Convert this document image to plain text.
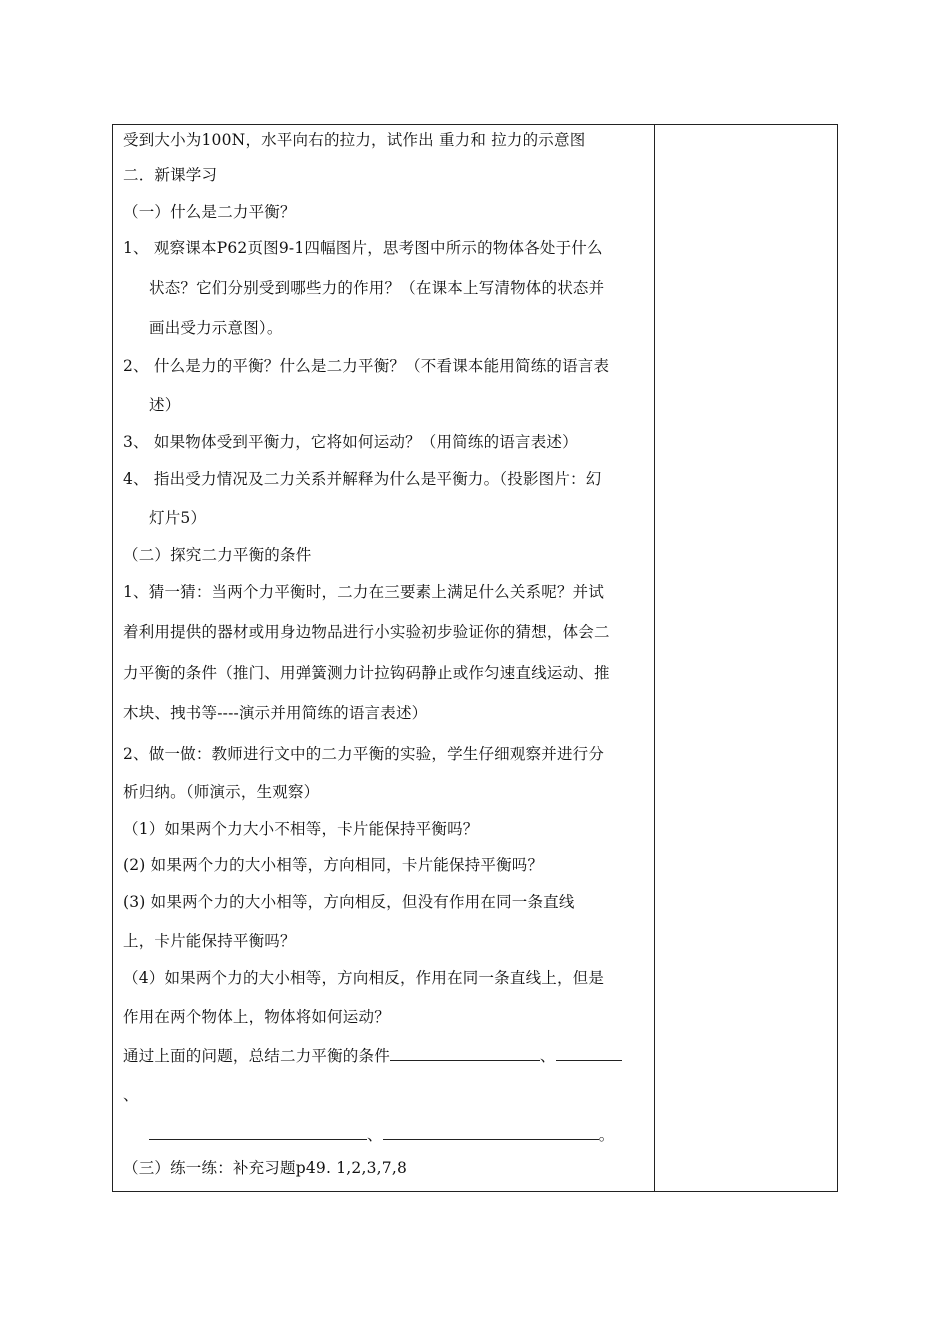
受到大小为100N，水平向右的拉力，试作出 重力和 拉力的示意图
二．新课学习
（一）什么是二力平衡？
1、 观察课本P62页图9-1四幅图片，思考图中所示的物体各处于什么
状态？它们分别受到哪些力的作用？（在课本上写清物体的状态并
画出受力示意图）。
2、 什么是力的平衡？什么是二力平衡？（不看课本能用简练的语言表
述）
3、 如果物体受到平衡力，它将如何运动？（用简练的语言表述）
4、 指出受力情况及二力关系并解释为什么是平衡力。（投影图片：幻
灯片5）
（二）探究二力平衡的条件
1、猜一猜：当两个力平衡时，二力在三要素上满足什么关系呢？并试
着利用提供的器材或用身边物品进行小实验初步验证你的猜想，体会二
力平衡的条件（推门、用弹簧测力计拉钩码静止或作匀速直线运动、推
木块、拽书等----演示并用简练的语言表述）
2、做一做：教师进行文中的二力平衡的实验，学生仔细观察并进行分
析归纳。（师演示，生观察）
（1）如果两个力大小不相等，卡片能保持平衡吗？
(2) 如果两个力的大小相等，方向相同，卡片能保持平衡吗？
(3) 如果两个力的大小相等，方向相反，但没有作用在同一条直线
上，卡片能保持平衡吗？
（4）如果两个力的大小相等，方向相反，作用在同一条直线上，但是
作用在两个物体上，物体将如何运动？
通过上面的问题，总结二力平衡的条件	、
、
、	。
（三）练一练：补充习题p49. 1,2,3,7,8
